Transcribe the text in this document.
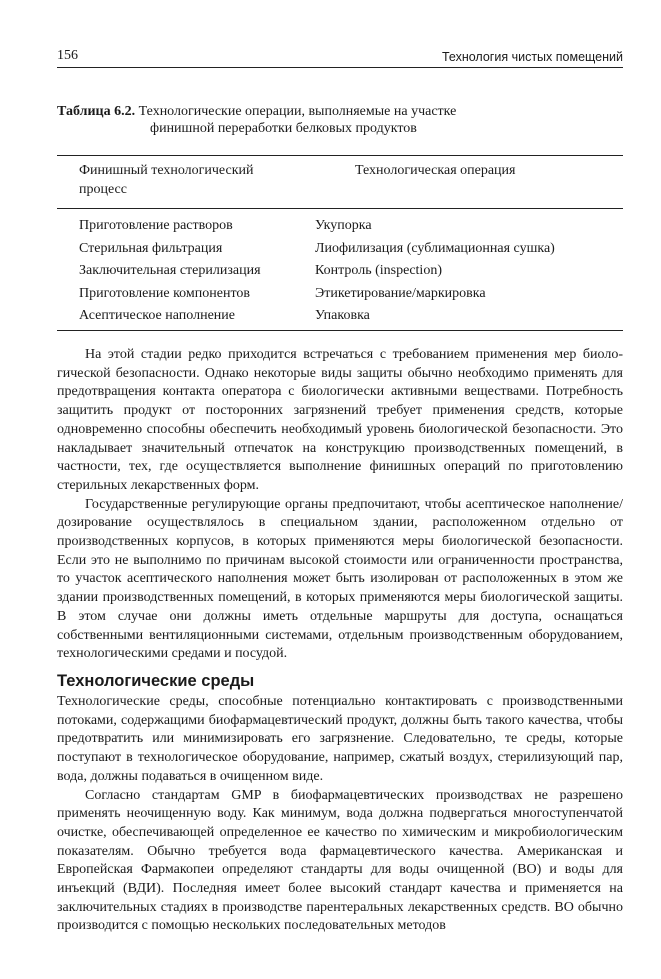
156	Технология чистых помещений
Таблица 6.2. Технологические операции, выполняемые на участке
финишной переработки белковых продуктов
Финишный технологический процесс	Технологическая операция
Приготовление растворов	Укупорка
Стерильная фильтрация	Лиофилизация (сублимационная сушка)
Заключительная стерилизация	Контроль (inspection)
Приготовление компонентов	Этикетирование/маркировка
Асептическое наполнение	Упаковка

На этой стадии редко приходится встречаться с требованием применения мер биологической безопасности. Однако некоторые виды защиты обычно необходимо применять для предотвращения контакта оператора с биологически активными веществами. Потребность защитить продукт от посторонних загрязнений требует применения средств, которые одновременно способны обеспечить необходимый уровень биологической безопасности. Это накладывает значительный отпечаток на конструкцию производственных помещений, в частности, тех, где осуществляется выполнение финишных операций по приготовлению стерильных лекарственных форм.

Государственные регулирующие органы предпочитают, чтобы асептическое наполнение/дозирование осуществлялось в специальном здании, расположенном отдельно от производственных корпусов, в которых применяются меры биологической безопасности. Если это не выполнимо по причинам высокой стоимости или ограниченности пространства, то участок асептического наполнения может быть изолирован от расположенных в этом же здании производственных помещений, в которых применяются меры биологической защиты. В этом случае они должны иметь отдельные маршруты для доступа, оснащаться собственными вентиляционными системами, отдельным производственным оборудованием, технологическими средами и посудой.

Технологические среды

Технологические среды, способные потенциально контактировать с производственными потоками, содержащими биофармацевтический продукт, должны быть такого качества, чтобы предотвратить или минимизировать его загрязнение. Следовательно, те среды, которые поступают в технологическое оборудование, например, сжатый воздух, стерилизующий пар, вода, должны подаваться в очищенном виде.

Согласно стандартам GMP в биофармацевтических производствах не разрешено применять неочищенную воду. Как минимум, вода должна подвергаться многоступенчатой очистке, обеспечивающей определенное ее качество по химическим и микробиологическим показателям. Обычно требуется вода фармацевтического качества. Американская и Европейская Фармакопеи определяют стандарты для воды очищенной (ВО) и воды для инъекций (ВДИ). Последняя имеет более высокий стандарт качества и применяется на заключительных стадиях в производстве парентеральных лекарственных средств. ВО обычно производится с помощью нескольких последовательных методов
